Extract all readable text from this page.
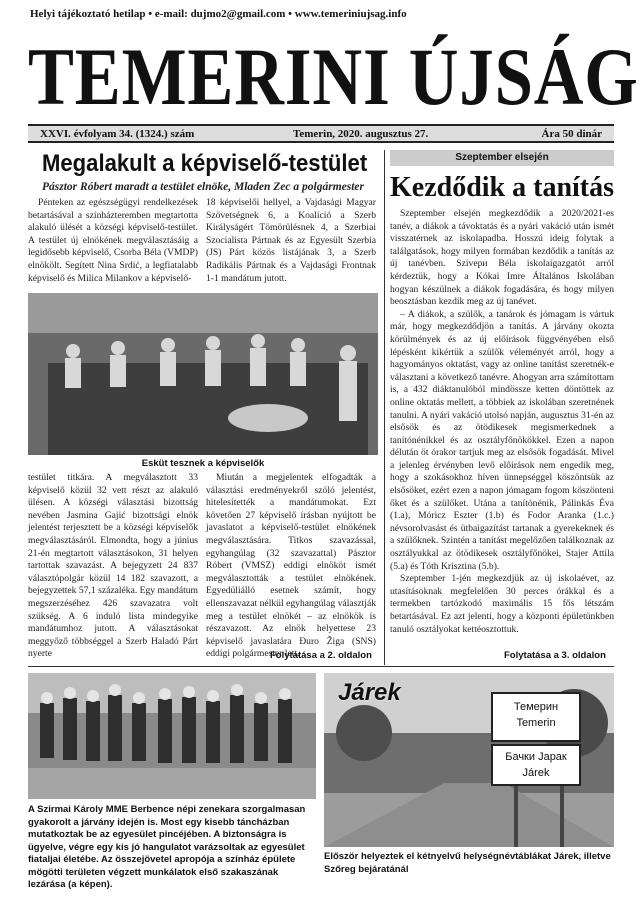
Helyi tájékoztató hetilap • e-mail: dujmo2@gmail.com • www.temeriniujsag.info
TEMERINI ÚJSÁG
XXVI. évfolyam 34. (1324.) szám	Temerin, 2020. augusztus 27.	Ára 50 dinár
Megalakult a képviselő-testület
Pásztor Róbert maradt a testület elnöke, Mladen Zec a polgármester
Pénteken az egészségügyi rendelkezések betartásával a színházteremben megtartotta alakuló ülését a községi képviselő-testület. A testület új elnökének megválasztásáig a legidősebb képviselő, Csorba Béla (VMDP) elnökölt. Segített Nina Srdić, a legfiatalabb képviselő és Milica Milankov a képviselő-
18 képviselői hellyel, a Vajdasági Magyar Szövetségnek 6, a Koalíció a Szerb Királyságért Tömörülésnek 4, a Szerbiai Szocialista Pártnak és az Egyesült Szerbia (JS) Párt közös listájának 3, a Szerb Radikális Pártnak és a Vajdasági Frontnak 1-1 mandátum jutott.
Esküt tesznek a képviselők
testület titkára. A megválasztott 33 képviselő közül 32 vett részt az alakuló ülésen. A községi választási bizottság nevében Jasmina Gajić bizottsági elnök jelentést terjesztett be a községi képviselők megválasztásáról. Elmondta, hogy a június 21-én megtartott választásokon, 31 helyen tartottak szavazást. A bejegyzett 24 837 választópolgár közül 14 182 szavazott, a bejegyzettek 57,1 százaléka. Egy mandátum megszerzéséhez 426 szavazatra volt szükség. A 6 induló lista mindegyike mandátumhoz jutott. A választásokat meggyőző többséggel a Szerb Haladó Párt nyerte
Miután a megjelentek elfogadták a választási eredményekről szóló jelentést, hitelesítették a mandátumokat. Ezt követően 27 képviselő írásban nyújtott be javaslatot a képviselő-testület elnökének megválasztására. Titkos szavazással, egyhangúlag (32 szavazattal) Pásztor Róbert (VMSZ) eddigi elnököt ismét megválasztották a testület elnökének. Egyedüliálló esetnek számít, hogy ellenszavazat nélkül egyhangúlag választják meg a testület elnökét – az elnökök is részavazott. Az elnök helyettese 23 képviselő javaslatára Đuro Žiga (SNS) eddigi polgármester lett.
Folytatása a 2. oldalon
Szeptember elsején
Kezdődik a tanítás
Szeptember elsején megkezdődik a 2020/2021-es tanév, a diákok a távoktatás és a nyári vakáció után ismét visszatérnek az iskolapadba. Hosszú ideig folytak a találgatások, hogy milyen formában kezdődik a tanítás az új tanévben. Szivери Béla iskolaigazgatót arról kérdeztük, hogy a Kókai Imre Általános Iskolában hogyan készülnek a diákok fogadására, és hogy milyen beosztásban kezdik meg az új tanévet.
– A diákok, a szülők, a tanárok és jómagam is vártuk már, hogy megkezdődjön a tanítás. A járvány okozta körülmények és az új előírások függvényében első lépésként kikértük a szülők véleményét arról, hogy a hagyományos oktatást, vagy az online tanítást szeretnék-e választani a következő tanévre. Ahogyan arra számítottam is, a 432 diáktanulóból mindössze ketten döntöttek az online oktatás mellett, a többiek az iskolában szeretnének tanulni. A nyári vakáció utolsó napján, augusztus 31-én az elsősök és az ötödikesek megismerkednek a tanítónénikkel és az osztályfőnökökkel. Ezen a napon délután öt órakor tartjuk meg az elsősök fogadását. Mivel a jelenleg érvényben levő előírások nem engedik meg, hogy a szokásokhoz híven ünnepséggel köszöntsük az elsősöket, ezért ezen a napon jómagam fogom köszönteni őket és a szülőket. Utána a tanítónénik, Pálinkás Éva (1.a), Móricz Eszter (1.b) és Fodor Aranka (1.c.) névsorolvasást és ütbaigazítást tartanak a gyerekeknek és a szülőknek. Szintén a tanítást megelőzően találkoznak az osztályukkal az ötödikesek osztályfőnökei, Stajer Attila (5.a) és Tóth Krisztina (5.b).
Szeptember 1-jén megkezdjük az új iskolaévet, az utasításoknak megfelelően 30 perces órákkal és a termekben tartózkodó maximális 15 fős létszám betartásával. Ez azt jelenti, hogy a központi épületünkben tanuló osztályokat kettéosztottuk.
Folytatása a 3. oldalon
A Szirmai Károly MME Berbence népi zenekara szorgalmasan gyakorolt a járvány idején is. Most egy kisebb táncházban mutatkoztak be az egyesület pincéjében. A biztonságra is ügyelve, végre egy kis jó hangulatot varázsoltak az egyesület fiataljai életébe. Az összejövetel apropója a színház épülete mögötti területen végzett munkálatok első szakaszának lezárása (a képen).
Járek
Темерин
Temerin
Бачки Јарак
Járek
Először helyeztek el kétnyelvű helységnévtáblákat Járek, illetve Szőreg bejáratánál
